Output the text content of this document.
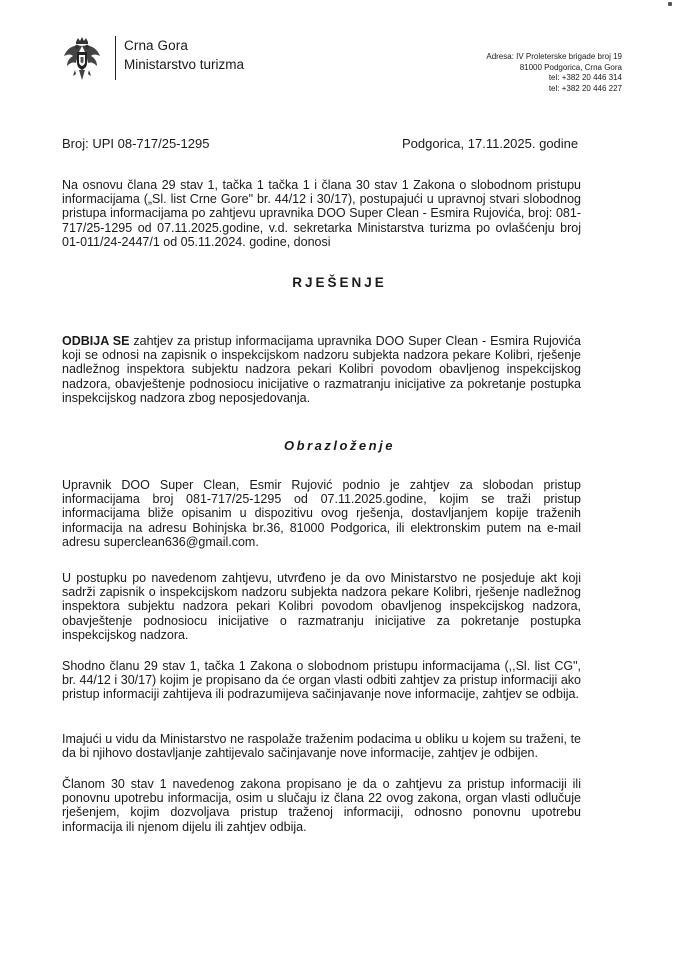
Crna Gora
Ministarstvo turizma
Adresa: IV Proleterske brigade broj 19
81000 Podgorica, Crna Gora
tel: +382 20 446 314
tel: +382 20 446 227
Broj: UPI 08-717/25-1295	Podgorica, 17.11.2025. godine
Na osnovu člana 29 stav 1, tačka 1 tačka 1 i člana 30 stav 1 Zakona o slobodnom pristupu informacijama („Sl. list Crne Gore" br. 44/12 i 30/17), postupajući u upravnoj stvari slobodnog pristupa informacijama po zahtjevu upravnika DOO Super Clean - Esmira Rujovića, broj: 081-717/25-1295 od 07.11.2025.godine, v.d. sekretarka Ministarstva turizma po ovlašćenju broj 01-011/24-2447/1 od 05.11.2024. godine, donosi
RJEŠENJE
ODBIJA SE zahtjev za pristup informacijama upravnika DOO Super Clean - Esmira Rujovića koji se odnosi na zapisnik o inspekcijskom nadzoru subjekta nadzora pekare Kolibri, rješenje nadležnog inspektora subjektu nadzora pekari Kolibri povodom obavljenog inspekcijskog nadzora, obavještenje podnosiocu inicijative o razmatranju inicijative za pokretanje postupka inspekcijskog nadzora zbog neposjedovanja.
Obrazloženje
Upravnik DOO Super Clean, Esmir Rujović podnio je zahtjev za slobodan pristup informacijama broj 081-717/25-1295 od 07.11.2025.godine, kojim se traži pristup informacijama bliže opisanim u dispozitivu ovog rješenja, dostavljanjem kopije traženih informacija na adresu Bohinjska br.36, 81000 Podgorica, ili elektronskim putem na e-mail adresu superclean636@gmail.com.
U postupku po navedenom zahtjevu, utvrđeno je da ovo Ministarstvo ne posjeduje akt koji sadrži zapisnik o inspekcijskom nadzoru subjekta nadzora pekare Kolibri, rješenje nadležnog inspektora subjektu nadzora pekari Kolibri povodom obavljenog inspekcijskog nadzora, obavještenje podnosiocu inicijative o razmatranju inicijative za pokretanje postupka inspekcijskog nadzora.
Shodno članu 29 stav 1, tačka 1 Zakona o slobodnom pristupu informacijama (,,Sl. list CG", br. 44/12 i 30/17) kojim je propisano da će organ vlasti odbiti zahtjev za pristup informaciji ako pristup informaciji zahtijeva ili podrazumijeva sačinjavanje nove informacije, zahtjev se odbija.
Imajući u vidu da Ministarstvo ne raspolaže traženim podacima u obliku u kojem su traženi, te da bi njihovo dostavljanje zahtijevalo sačinjavanje nove informacije, zahtjev je odbijen.
Članom 30 stav 1 navedenog zakona propisano je da o zahtjevu za pristup informaciji ili ponovnu upotrebu informacija, osim u slučaju iz člana 22 ovog zakona, organ vlasti odlučuje rješenjem, kojim dozvoljava pristup traženoj informaciji, odnosno ponovnu upotrebu informacija ili njenom dijelu ili zahtjev odbija.
